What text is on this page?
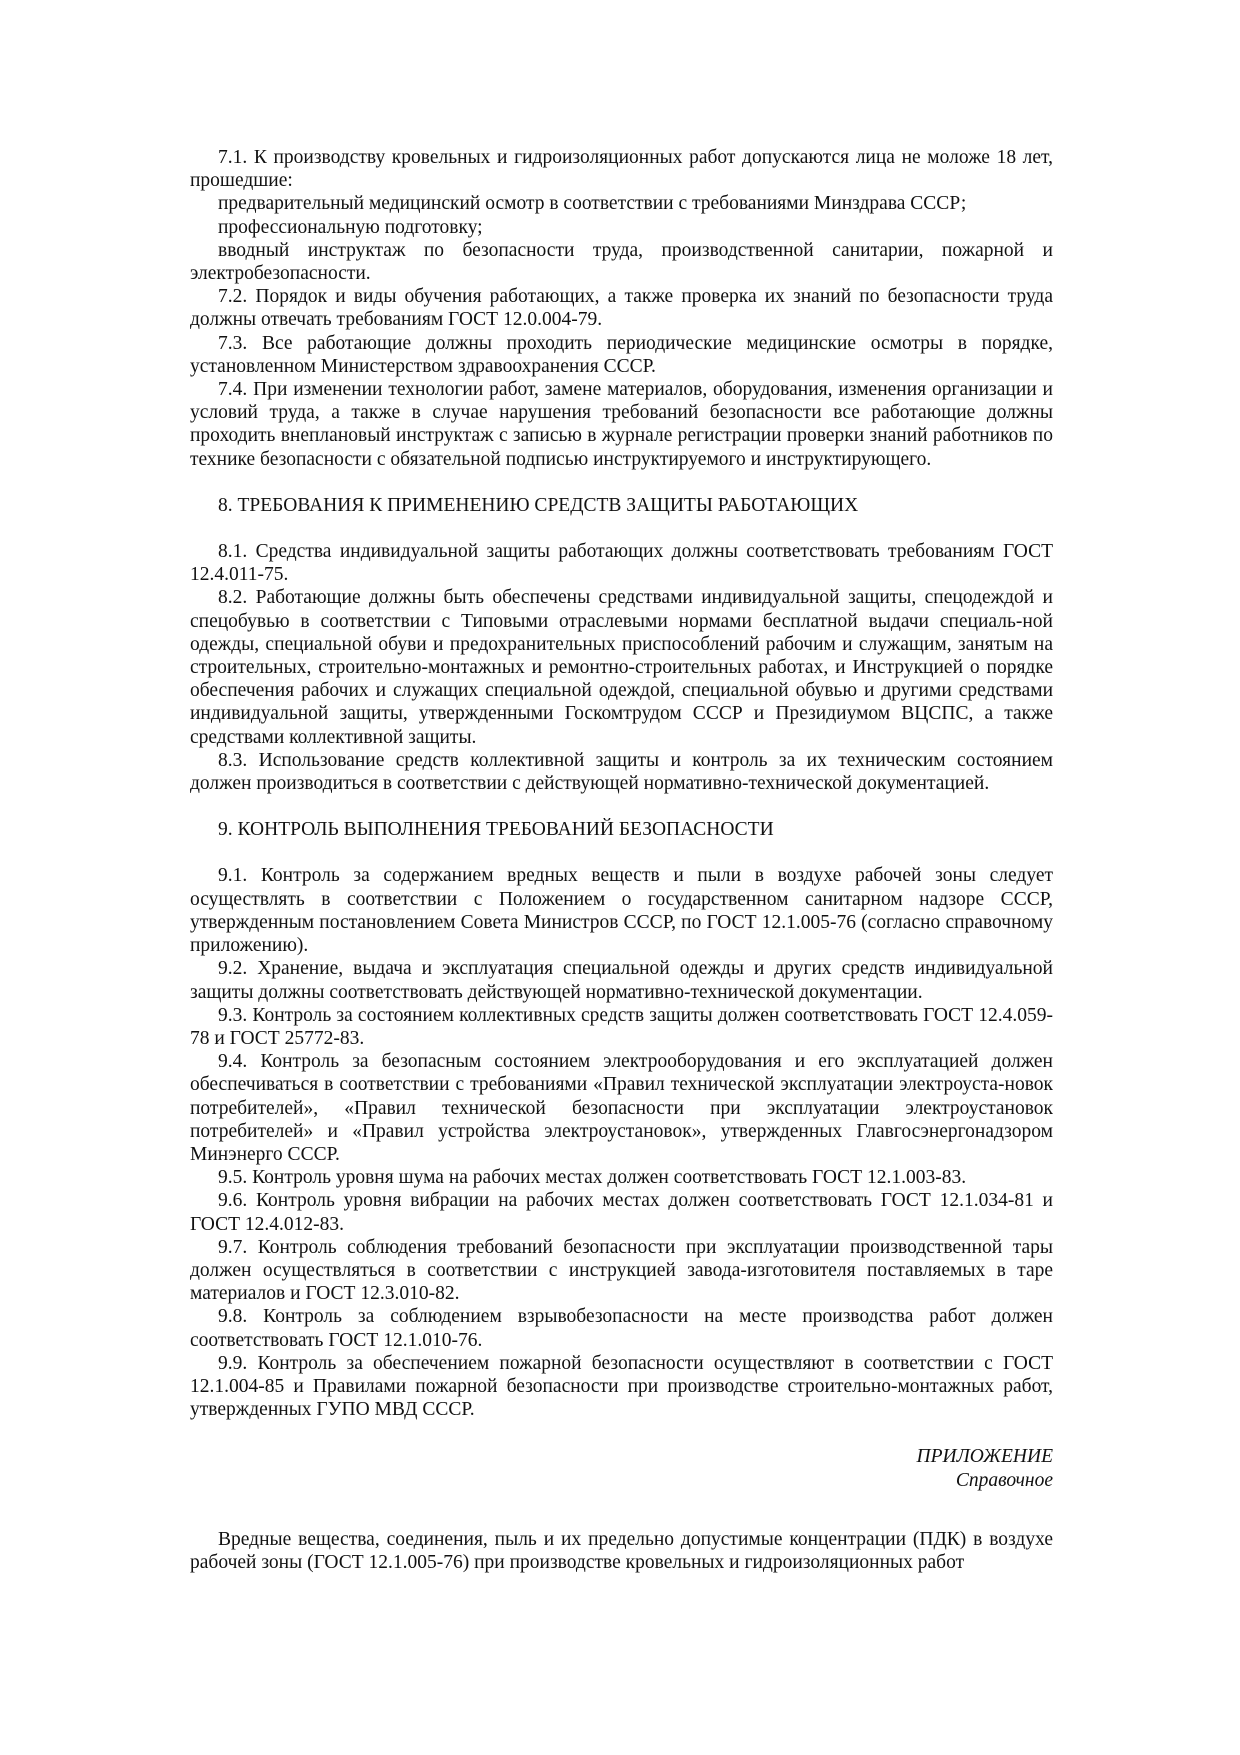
7.1. К производству кровельных и гидроизоляционных работ допускаются лица не моложе 18 лет, прошедшие:

предварительный медицинский осмотр в соответствии с требованиями Минздрава СССР;

профессиональную подготовку;

вводный инструктаж по безопасности труда, производственной санитарии, пожарной и электробезопасности.

7.2. Порядок и виды обучения работающих, а также проверка их знаний по безопасности труда должны отвечать требованиям ГОСТ 12.0.004-79.

7.3. Все работающие должны проходить периодические медицинские осмотры в порядке, установленном Министерством здравоохранения СССР.

7.4. При изменении технологии работ, замене материалов, оборудования, изменения организации и условий труда, а также в случае нарушения требований безопасности все работающие должны проходить внеплановый инструктаж с записью в журнале регистрации проверки знаний работников по технике безопасности с обязательной подписью инструктируемого и инструктирующего.

8. ТРЕБОВАНИЯ К ПРИМЕНЕНИЮ СРЕДСТВ ЗАЩИТЫ РАБОТАЮЩИХ

8.1. Средства индивидуальной защиты работающих должны соответствовать требованиям ГОСТ 12.4.011-75.

8.2. Работающие должны быть обеспечены средствами индивидуальной защиты, спецодеждой и спецобувью в соответствии с Типовыми отраслевыми нормами бесплатной выдачи специаль-ной одежды, специальной обуви и предохранительных приспособлений рабочим и служащим, занятым на строительных, строительно-монтажных и ремонтно-строительных работах, и Инструкцией о порядке обеспечения рабочих и служащих специальной одеждой, специальной обувью и другими средствами индивидуальной защиты, утвержденными Госкомтрудом СССР и Президиумом ВЦСПС, а также средствами коллективной защиты.

8.3. Использование средств коллективной защиты и контроль за их техническим состоянием должен производиться в соответствии с действующей нормативно-технической документацией.

9. КОНТРОЛЬ ВЫПОЛНЕНИЯ ТРЕБОВАНИЙ БЕЗОПАСНОСТИ

9.1. Контроль за содержанием вредных веществ и пыли в воздухе рабочей зоны следует осуществлять в соответствии с Положением о государственном санитарном надзоре СССР, утвержденным постановлением Совета Министров СССР, по ГОСТ 12.1.005-76 (согласно справочному приложению).

9.2. Хранение, выдача и эксплуатация специальной одежды и других средств индивидуальной защиты должны соответствовать действующей нормативно-технической документации.

9.3. Контроль за состоянием коллективных средств защиты должен соответствовать ГОСТ 12.4.059-78 и ГОСТ 25772-83.

9.4. Контроль за безопасным состоянием электрооборудования и его эксплуатацией должен обеспечиваться в соответствии с требованиями «Правил технической эксплуатации электроуста-новок потребителей», «Правил технической безопасности при эксплуатации электроустановок потребителей» и «Правил устройства электроустановок», утвержденных Главгосэнергонадзором Минэнерго СССР.

9.5. Контроль уровня шума на рабочих местах должен соответствовать ГОСТ 12.1.003-83.

9.6. Контроль уровня вибрации на рабочих местах должен соответствовать ГОСТ 12.1.034-81 и ГОСТ 12.4.012-83.

9.7. Контроль соблюдения требований безопасности при эксплуатации производственной тары должен осуществляться в соответствии с инструкцией завода-изготовителя поставляемых в таре материалов и ГОСТ 12.3.010-82.

9.8. Контроль за соблюдением взрывобезопасности на месте производства работ должен соответствовать ГОСТ 12.1.010-76.

9.9. Контроль за обеспечением пожарной безопасности осуществляют в соответствии с ГОСТ 12.1.004-85 и Правилами пожарной безопасности при производстве строительно-монтажных работ, утвержденных ГУПО МВД СССР.

ПРИЛОЖЕНИЕ
Справочное

Вредные вещества, соединения, пыль и их предельно допустимые концентрации (ПДК) в воздухе рабочей зоны (ГОСТ 12.1.005-76) при производстве кровельных и гидроизоляционных работ
